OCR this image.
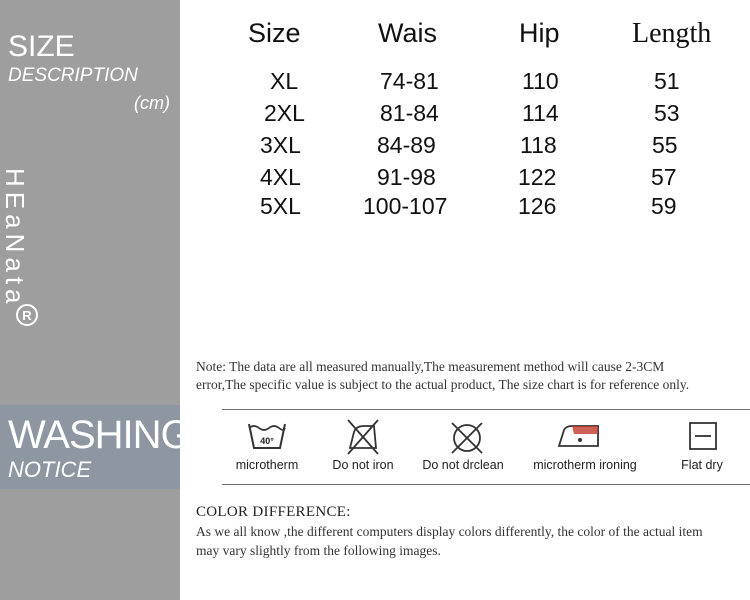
SIZE
DESCRIPTION
(cm)
HEaNata
R
WASHING
NOTICE
Size	Wais	Hip	Length
XL	74-81	110	51
2XL	81-84	114	53
3XL	84-89	118	55
4XL	91-98	122	57
5XL	100-107	126	59
Note: The data are all measured manually,The measurement method will cause 2-3CM
error,The specific value is subject to the actual product, The size chart is for reference only.
40°
microtherm	Do not iron Do not drclean microtherm ironing	Flat dry
COLOR DIFFERENCE:
As we all know ,the different computers display colors differently, the color of the actual item
may vary slightly from the following images.
